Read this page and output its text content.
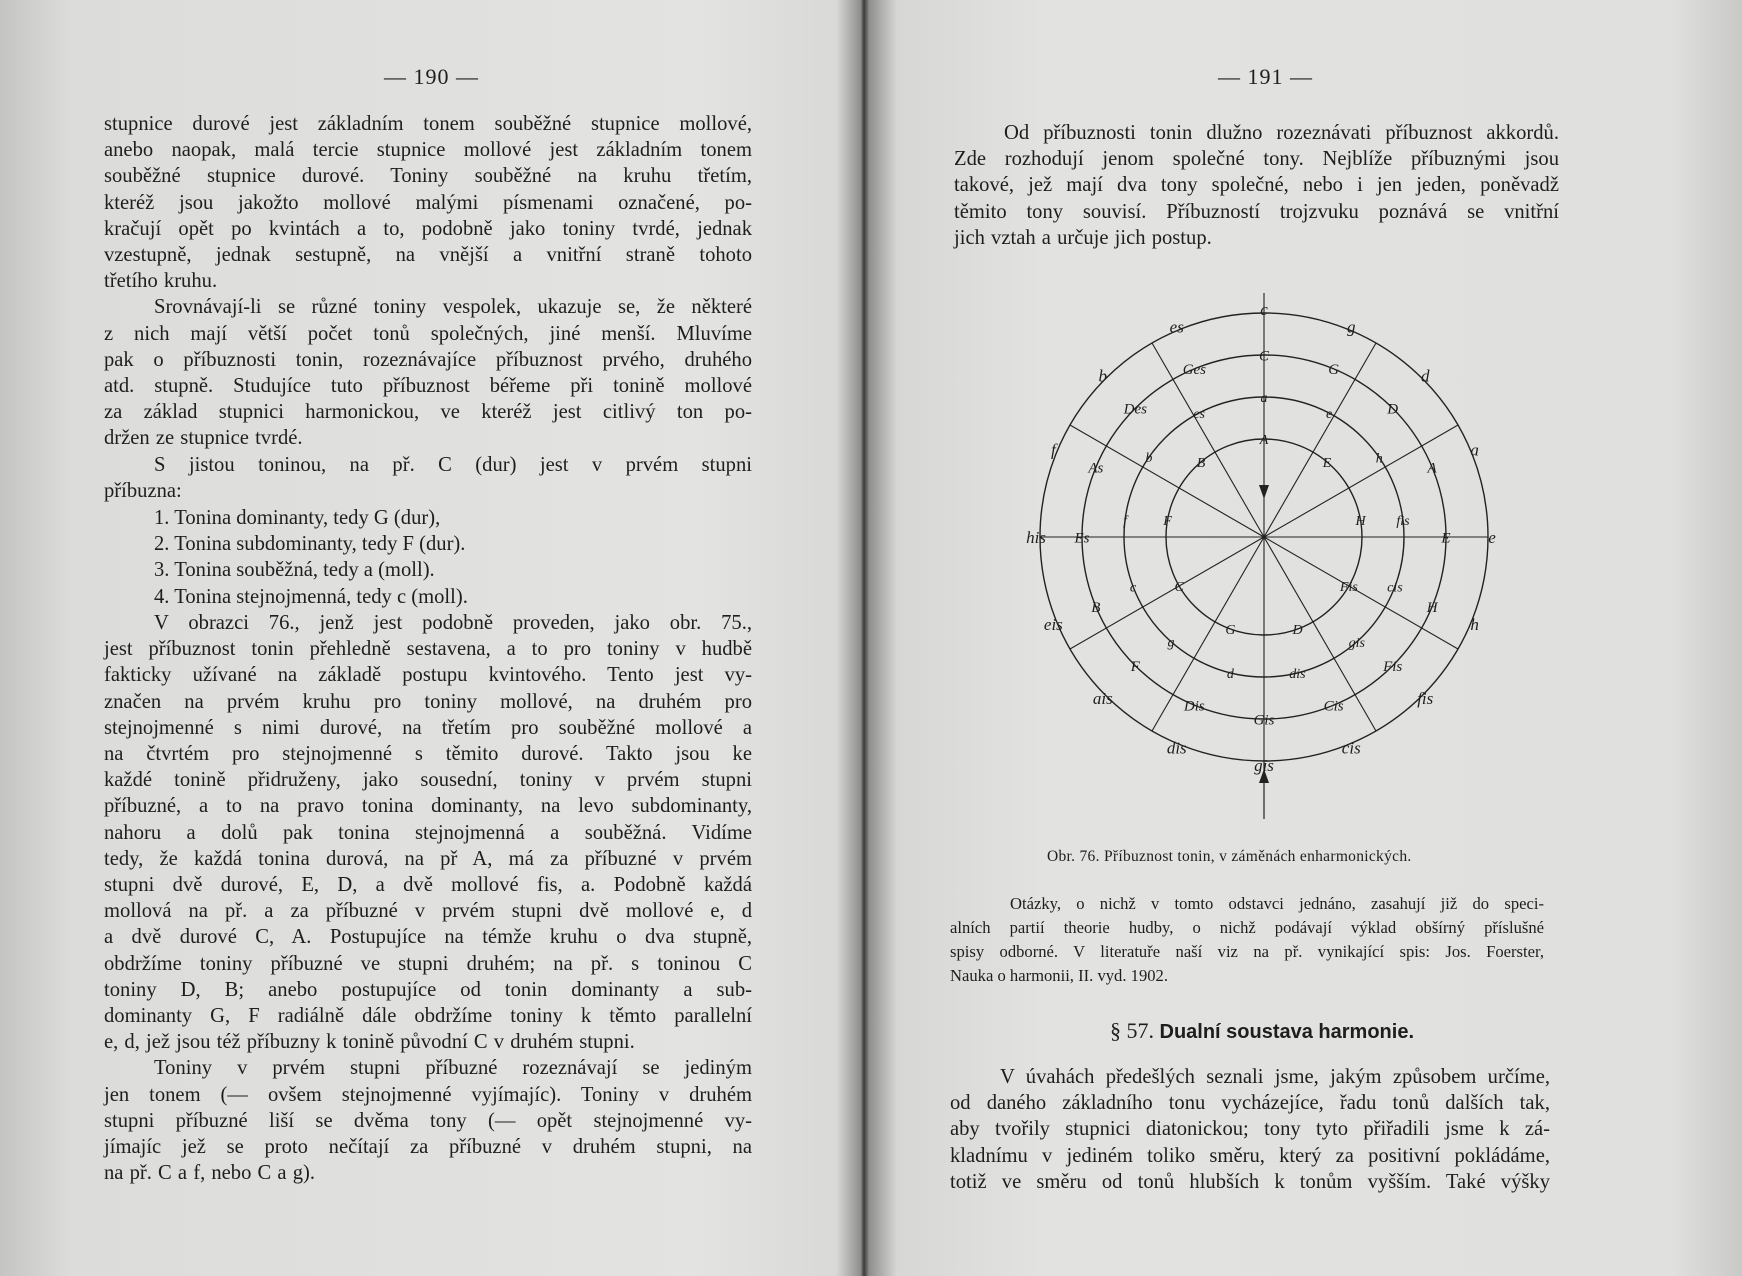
— 190 —
stupnice durové jest základním tonem souběžné stupnice mollové,
anebo naopak, malá tercie stupnice mollové jest základním tonem
souběžné stupnice durové. Toniny souběžné na kruhu třetím,
kteréž jsou jakožto mollové malými písmenami označené, po-
kračují opět po kvintách a to, podobně jako toniny tvrdé, jednak
vzestupně, jednak sestupně, na vnější a vnitřní straně tohoto
třetího kruhu.
Srovnávají-li se různé toniny vespolek, ukazuje se, že některé
z nich mají větší počet tonů společných, jiné menší. Mluvíme
pak o příbuznosti tonin, rozeznávajíce příbuznost prvého, druhého
atd. stupně. Studujíce tuto příbuznost béřeme při tonině mollové
za základ stupnici harmonickou, ve kteréž jest citlivý ton po-
držen ze stupnice tvrdé.
S jistou toninou, na př. C (dur) jest v prvém stupni
příbuzna:
1. Tonina dominanty, tedy G (dur),
2. Tonina subdominanty, tedy F (dur).
3. Tonina souběžná, tedy a (moll).
4. Tonina stejnojmenná, tedy c (moll).
V obrazci 76., jenž jest podobně proveden, jako obr. 75.,
jest příbuznost tonin přehledně sestavena, a to pro toniny v hudbě
fakticky užívané na základě postupu kvintového. Tento jest vy-
značen na prvém kruhu pro toniny mollové, na druhém pro
stejnojmenné s nimi durové, na třetím pro souběžné mollové a
na čtvrtém pro stejnojmenné s těmito durové. Takto jsou ke
každé tonině přidruženy, jako sousední, toniny v prvém stupni
příbuzné, a to na pravo tonina dominanty, na levo subdominanty,
nahoru a dolů pak tonina stejnojmenná a souběžná. Vidíme
tedy, že každá tonina durová, na př A, má za příbuzné v prvém
stupni dvě durové, E, D, a dvě mollové fis, a. Podobně každá
mollová na př. a za příbuzné v prvém stupni dvě mollové e, d
a dvě durové C, A. Postupujíce na témže kruhu o dva stupně,
obdržíme toniny příbuzné ve stupni druhém; na př. s toninou C
toniny D, B; anebo postupujíce od tonin dominanty a sub-
dominanty G, F radiálně dále obdržíme toniny k těmto parallelní
e, d, jež jsou též příbuzny k tonině původní C v druhém stupni.
Toniny v prvém stupni příbuzné rozeznávají se jediným
jen tonem (— ovšem stejnojmenné vyjímajíc). Toniny v druhém
stupni příbuzné liší se dvěma tony (— opět stejnojmenné vy-
jímajíc jež se proto nečítají za příbuzné v druhém stupni, na
na př. C a f, nebo C a g).
— 191 —
Od příbuznosti tonin dlužno rozeznávati příbuznost akkordů.
Zde rozhodují jenom společné tony. Nejblíže příbuznými jsou
takové, jež mají dva tony společné, nebo i jen jeden, poněvadž
těmito tony souvisí. Příbuzností trojzvuku poznává se vnitřní
jich vztah a určuje jich postup.
c
g
d
a
e
h
fis
cis
gis
dis
ais
eis
his
f
b
es
C
G
D
A
E
H
Fis
Cis
Gis
Dis
F
B
Es
As
Des
Ges
a
e
h
fis
cis
gis
dis
d
g
c
f
b
es
A
E
H
Fis
D
G
C
F
B
Obr. 76. Příbuznost tonin, v záměnách enharmonických.
Otázky, o nichž v tomto odstavci jednáno, zasahují již do speci-
alních partií theorie hudby, o nichž podávají výklad obšírný příslušné
spisy odborné. V literatuře naší viz na př. vynikající spis: Jos. Foerster,
Nauka o harmonii, II. vyd. 1902.
§ 57. Dualní soustava harmonie.
V úvahách předešlých seznali jsme, jakým způsobem určíme,
od daného základního tonu vycházejíce, řadu tonů dalších tak,
aby tvořily stupnici diatonickou; tony tyto přiřadili jsme k zá-
kladnímu v jediném toliko směru, který za positivní pokládáme,
totiž ve směru od tonů hlubších k tonům vyšším. Také výšky
